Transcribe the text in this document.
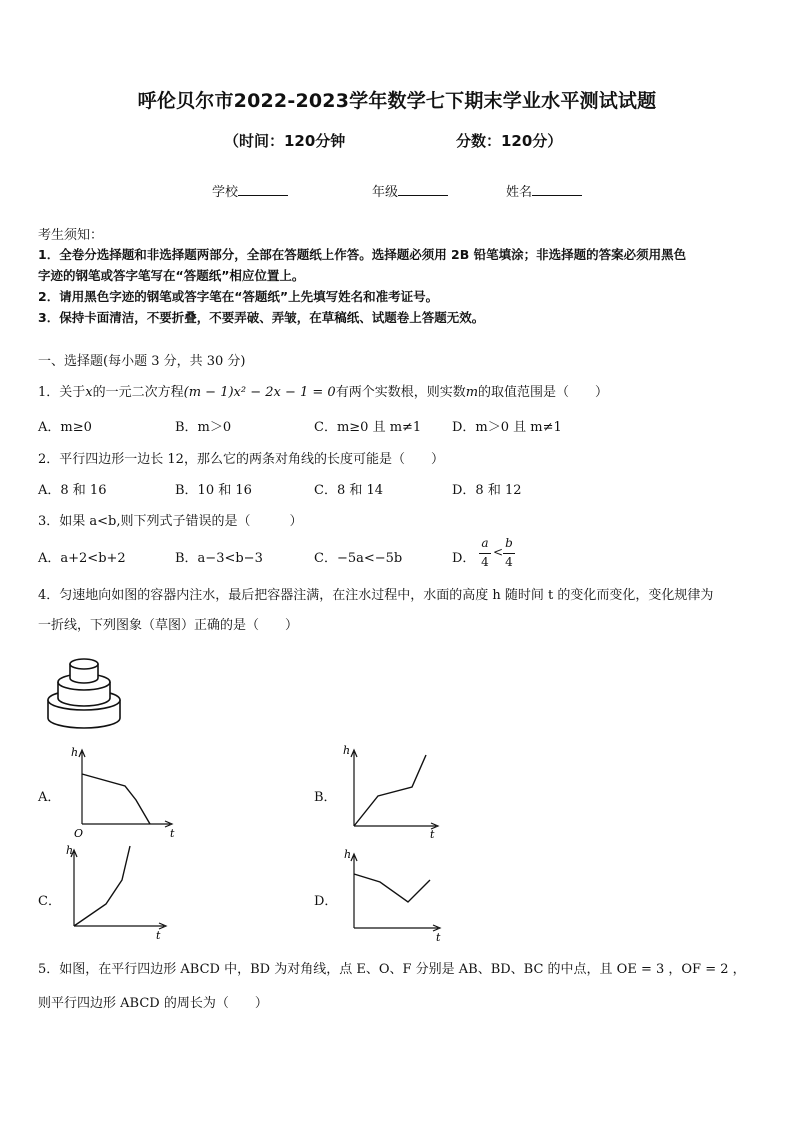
呼伦贝尔市2022-2023学年数学七下期末学业水平测试试题
（时间：120分钟	分数：120分）
学校	年级	姓名
考生须知：
1．全卷分选择题和非选择题两部分，全部在答题纸上作答。选择题必须用 2B 铅笔填涂；非选择题的答案必须用黑色
字迹的钢笔或答字笔写在“答题纸”相应位置上。
2．请用黑色字迹的钢笔或答字笔在“答题纸”上先填写姓名和准考证号。
3．保持卡面清洁，不要折叠，不要弄破、弄皱，在草稿纸、试题卷上答题无效。
一、选择题(每小题 3 分，共 30 分)
1．关于x的一元二次方程(m − 1)x² − 2x − 1 = 0有两个实数根，则实数m的取值范围是（　　）
A．m≥0	B．m＞0	C．m≥0 且 m≠1 D．m＞0 且 m≠1
2．平行四边形一边长 12，那么它的两条对角线的长度可能是（　　）
A．8 和 16	B．10 和 16	C．8 和 14	D．8 和 12
3．如果 a<b,则下列式子错误的是（　　　）
A．a+2<b+2	B．a−3<b−3	C．−5a<−5b	D．
a
4
<
b
4
4．匀速地向如图的容器内注水，最后把容器注满，在注水过程中，水面的高度 h 随时间 t 的变化而变化，变化规律为
一折线，下列图象（草图）正确的是（　　）
A．
h
t
O
B．
h
t
C．
h
t
D．
h
t
5．如图，在平行四边形 ABCD 中，BD 为对角线，点 E、O、F 分别是 AB、BD、BC 的中点，且 OE = 3 ，OF = 2 ，
则平行四边形 ABCD 的周长为（　　）
